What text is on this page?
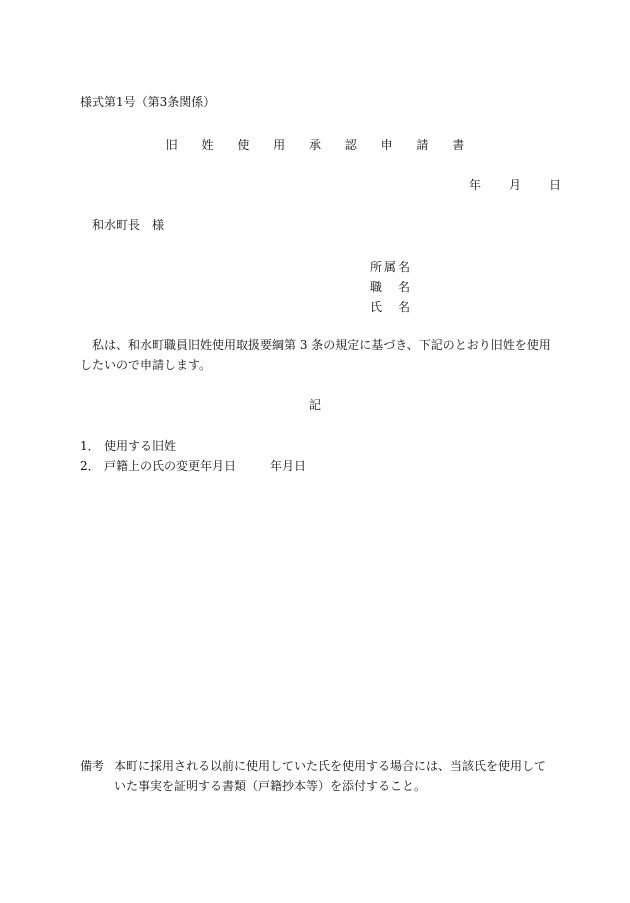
様式第1号（第3条関係）
旧 姓 使 用 承 認 申 請 書
年 月 日
和水町長　様
所属名
職　名
氏　名
私は、和水町職員旧姓使用取扱要綱第 3 条の規定に基づき、下記のとおり旧姓を使用したいので申請します。
記
1． 使用する旧姓
2． 戸籍上の氏の変更年月日	年月日
備考 本町に採用される以前に使用していた氏を使用する場合には、当該氏を使用していた事実を証明する書類（戸籍抄本等）を添付すること。
